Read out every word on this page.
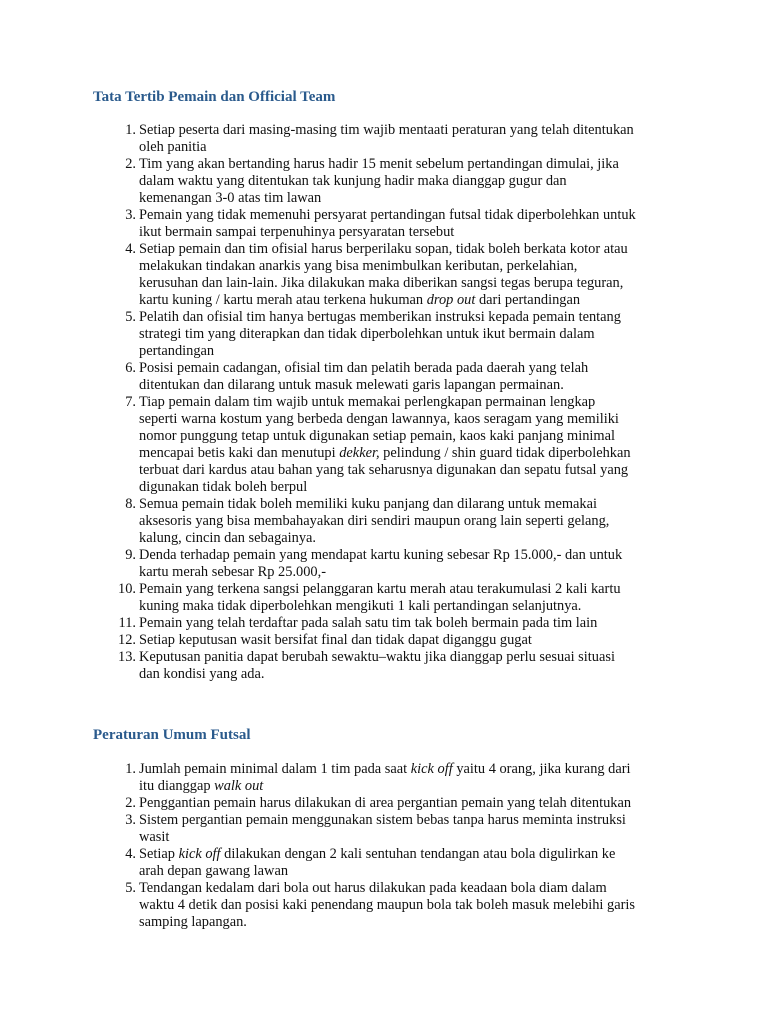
Tata Tertib Pemain dan Official Team
1. Setiap peserta dari masing-masing tim wajib mentaati peraturan yang telah ditentukan
oleh panitia
2. Tim yang akan bertanding harus hadir 15 menit sebelum pertandingan dimulai, jika
dalam waktu yang ditentukan tak kunjung hadir maka dianggap gugur dan
kemenangan 3-0 atas tim lawan
3. Pemain yang tidak memenuhi persyarat pertandingan futsal tidak diperbolehkan untuk
ikut bermain sampai terpenuhinya persyaratan tersebut
4. Setiap pemain dan tim ofisial harus berperilaku sopan, tidak boleh berkata kotor atau
melakukan tindakan anarkis yang bisa menimbulkan keributan, perkelahian,
kerusuhan dan lain-lain. Jika dilakukan maka diberikan sangsi tegas berupa teguran,
kartu kuning / kartu merah atau terkena hukuman drop out dari pertandingan
5. Pelatih dan ofisial tim hanya bertugas memberikan instruksi kepada pemain tentang
strategi tim yang diterapkan dan tidak diperbolehkan untuk ikut bermain dalam
pertandingan
6. Posisi pemain cadangan, ofisial tim dan pelatih berada pada daerah yang telah
ditentukan dan dilarang untuk masuk melewati garis lapangan permainan.
7. Tiap pemain dalam tim wajib untuk memakai perlengkapan permainan lengkap
seperti warna kostum yang berbeda dengan lawannya, kaos seragam yang memiliki
nomor punggung tetap untuk digunakan setiap pemain, kaos kaki panjang minimal
mencapai betis kaki dan menutupi dekker, pelindung / shin guard tidak diperbolehkan
terbuat dari kardus atau bahan yang tak seharusnya digunakan dan sepatu futsal yang
digunakan tidak boleh berpul
8. Semua pemain tidak boleh memiliki kuku panjang dan dilarang untuk memakai
aksesoris yang bisa membahayakan diri sendiri maupun orang lain seperti gelang,
kalung, cincin dan sebagainya.
9. Denda terhadap pemain yang mendapat kartu kuning sebesar Rp 15.000,- dan untuk
kartu merah sebesar Rp 25.000,-
10. Pemain yang terkena sangsi pelanggaran kartu merah atau terakumulasi 2 kali kartu
kuning maka tidak diperbolehkan mengikuti 1 kali pertandingan selanjutnya.
11. Pemain yang telah terdaftar pada salah satu tim tak boleh bermain pada tim lain
12. Setiap keputusan wasit bersifat final dan tidak dapat diganggu gugat
13. Keputusan panitia dapat berubah sewaktu–waktu jika dianggap perlu sesuai situasi
dan kondisi yang ada.
Peraturan Umum Futsal
1. Jumlah pemain minimal dalam 1 tim pada saat kick off yaitu 4 orang, jika kurang dari
itu dianggap walk out
2. Penggantian pemain harus dilakukan di area pergantian pemain yang telah ditentukan
3. Sistem pergantian pemain menggunakan sistem bebas tanpa harus meminta instruksi
wasit
4. Setiap kick off dilakukan dengan 2 kali sentuhan tendangan atau bola digulirkan ke
arah depan gawang lawan
5. Tendangan kedalam dari bola out harus dilakukan pada keadaan bola diam dalam
waktu 4 detik dan posisi kaki penendang maupun bola tak boleh masuk melebihi garis
samping lapangan.
